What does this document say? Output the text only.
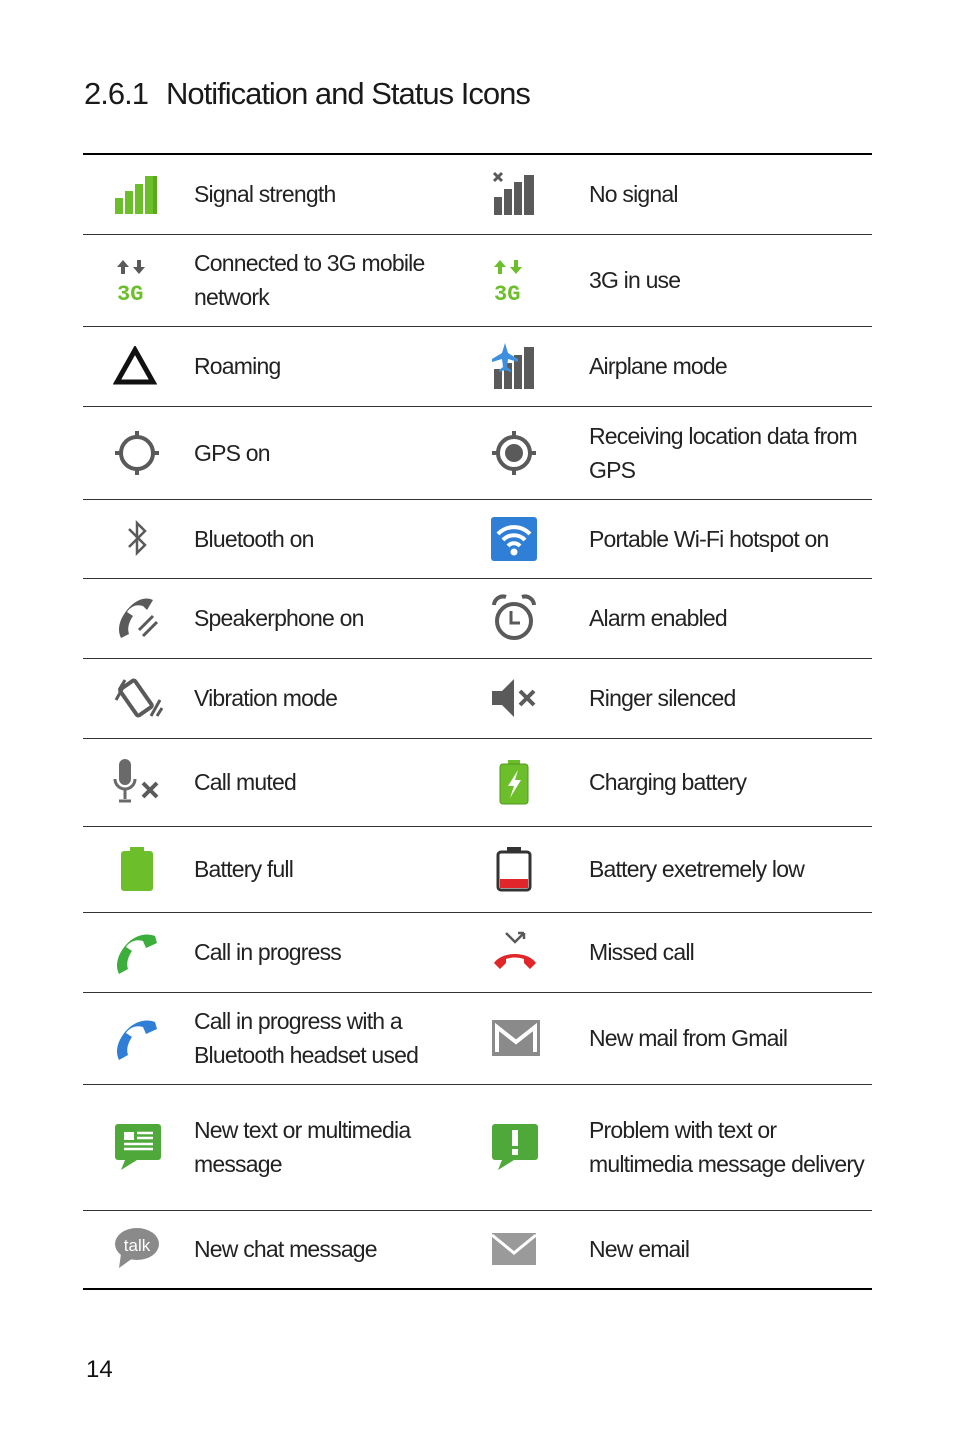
2.6.1 Notification and Status Icons
	Signal strength		No signal

3G	Connected to 3G mobile network	3G	3G in use

	Roaming		Airplane mode

	GPS on		Receiving location data from GPS

	Bluetooth on		Portable Wi-Fi hotspot on

	Speakerphone on		Alarm enabled

	Vibration mode		Ringer silenced

	Call muted		Charging battery

	Battery full		Battery exetremely low

	Call in progress		Missed call

	Call in progress with a Bluetooth headset used		New mail from Gmail

	New text or multimedia message		Problem with text or multimedia message delivery

talk	New chat message		New email
14
